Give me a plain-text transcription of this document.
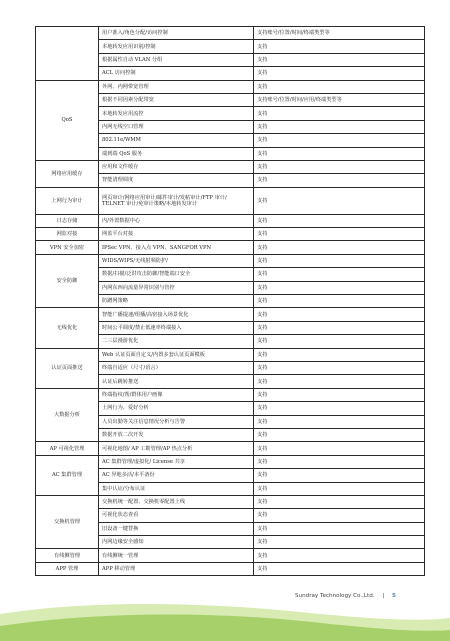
	用户准入/角色分配/访问控制	支持账号/位置/时间/终端类型等
	本地转发应用识别/控制	支持
	根据属性自动 VLAN 分组	支持
	ACL 访问控制	支持
QoS	外网、内网带宽管理	支持
	根据不同因素分配带宽	支持账号/位置/时间/应用/终端类型等
	本地转发应用流控	支持
	内网无线空口管理	支持
	802.11e/WMM	支持
	端到端 QoS 服务	支持
网络应用缓存	应用和文件缓存	支持
	智能清理调度	支持
上网行为审计	网页审计/网络应用审计/邮件审计/发帖审计/FTP 审计/ TELNET 审计/免审计策略/本地转发审计	支持
日志存储	内/外置数据中心	支持
网监对接	网监平台对接	支持
VPN 安全加密	IPSec VPN、接入点 VPN、SANGFOR VPN	支持
安全防御	WIDS/WIPS/无线射频防护/	支持
	数据/扫描/泛洪攻击防御/智能端口安全	支持
	内网东西向流量异常识别与管控	支持
	防蹭网策略	支持
无线优化	智能广播提速/组播/高密接入场景优化	支持
	时间公平调度/禁止低速率终端接入	支持
	二三层漫游优化	支持
认证页面推送	Web 认证页面自定义/内置多套认证页面模板	支持
	终端自适应（尺寸/语言）	支持
	认证后跳转推送	支持
大数据分析	终端指纹/帮/群体用户画像	支持
	上网行为、爱好分析	支持
	人员出勤等关注信息情况分析与告警	支持
	数据开放二次开发	支持
AP 可视化管理	可视化地图/ AP 工勘管理/AP 热点分析	支持
AC 集群管理	AC 集群管理/虚拟化/ License 共享	支持
	AC 异地多活/本平备份	支持
	集中认证/分布认证	支持
交换机管理	交换机统一配置、交换机零配置上线	支持
	可视化状态查看	支持
	旧设备一键替换	支持
	内网边缘安全感知	支持
有线侧管理	有线侧统一管理	支持
APP 管理	APP 移动管理	支持
Sundray Technology Co.,Ltd. | 5
